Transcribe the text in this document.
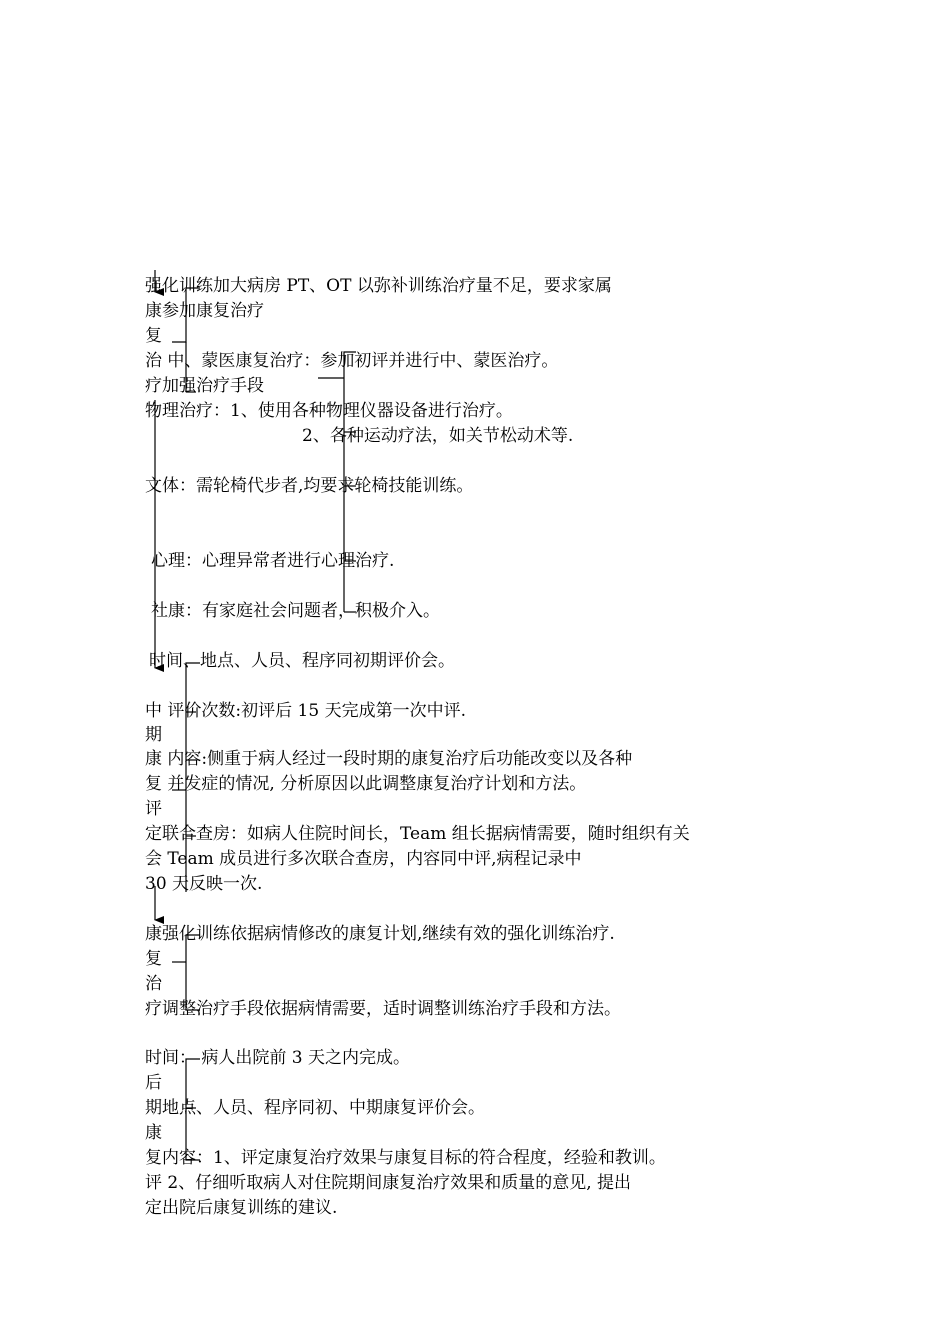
强化训练加大病房 PT、OT 以弥补训练治疗量不足，要求家属
康参加康复治疗
复
治 中、蒙医康复治疗：参加初评并进行中、蒙医治疗。
疗加强治疗手段
物理治疗：1、使用各种物理仪器设备进行治疗。
2、各种运动疗法，如关节松动术等.
文体：需轮椅代步者,均要求轮椅技能训练。
心理：心理异常者进行心理治疗.
社康：有家庭社会问题者，积极介入。
时间、地点、人员、程序同初期评价会。
中 评价次数:初评后 15 天完成第一次中评.
期
康 内容:侧重于病人经过一段时期的康复治疗后功能改变以及各种
复 并发症的情况, 分析原因以此调整康复治疗计划和方法。
评
定联合查房：如病人住院时间长，Team 组长据病情需要，随时组织有关
会 Team 成员进行多次联合查房，内容同中评,病程记录中
30 天反映一次.
康强化训练依据病情修改的康复计划,继续有效的强化训练治疗.
复
治
疗调整治疗手段依据病情需要，适时调整训练治疗手段和方法。
时间： 病人出院前 3 天之内完成。
后
期地点、人员、程序同初、中期康复评价会。
康
复内容：1、评定康复治疗效果与康复目标的符合程度，经验和教训。
评 2、仔细听取病人对住院期间康复治疗效果和质量的意见, 提出
定出院后康复训练的建议.
